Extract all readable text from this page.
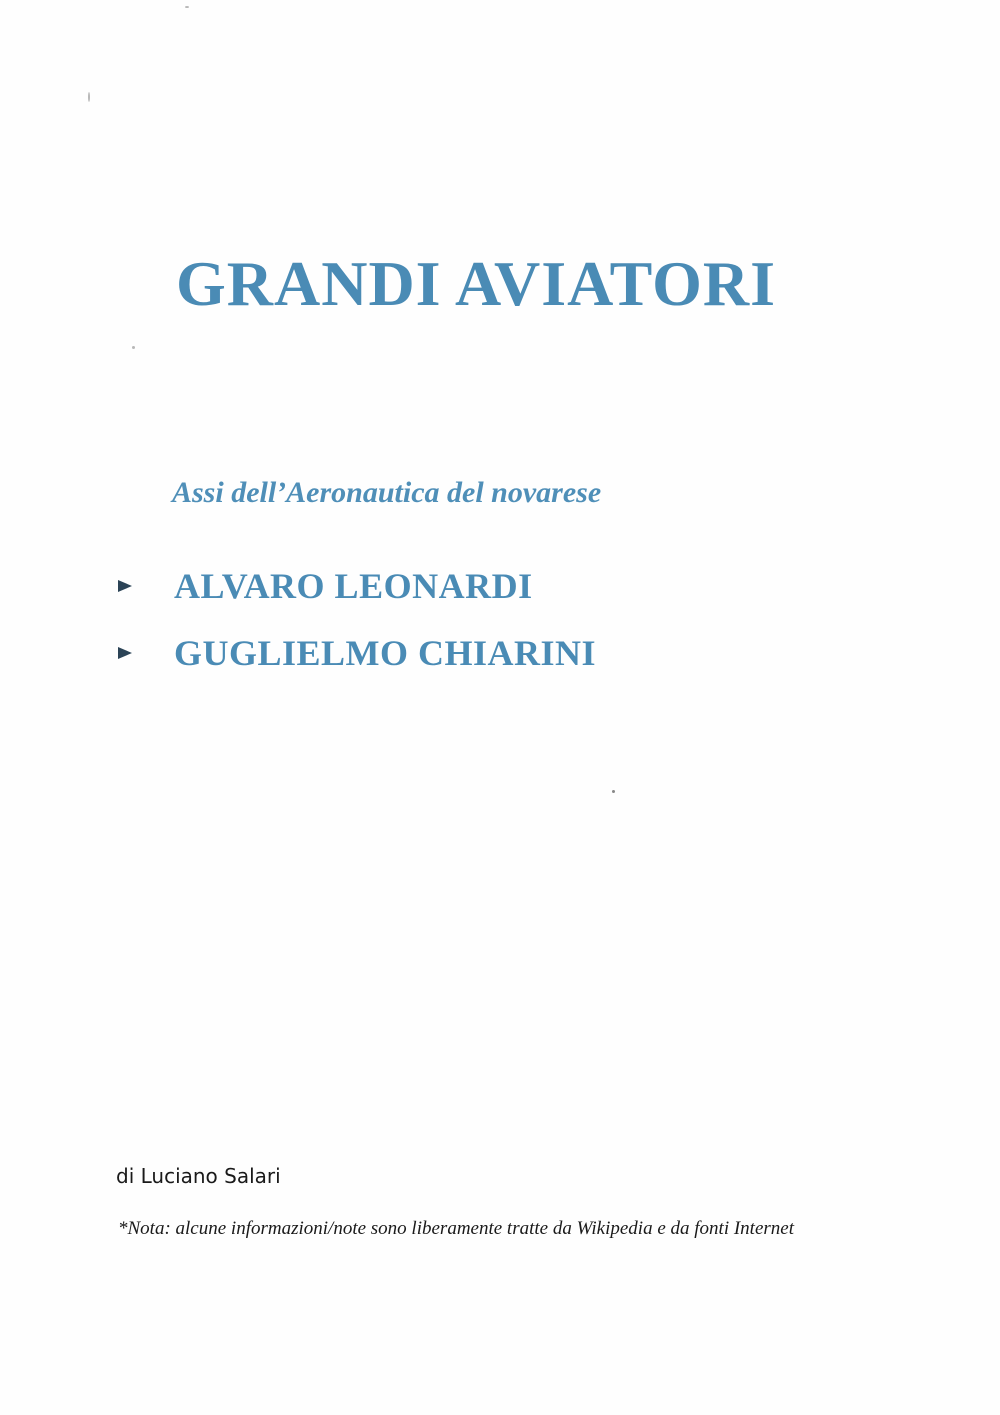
GRANDI AVIATORI

Assi dell’Aeronautica del novarese

ALVARO LEONARDI
GUGLIELMO CHIARINI

di Luciano Salari

*Nota: alcune informazioni/note sono liberamente tratte da Wikipedia e da fonti Internet
